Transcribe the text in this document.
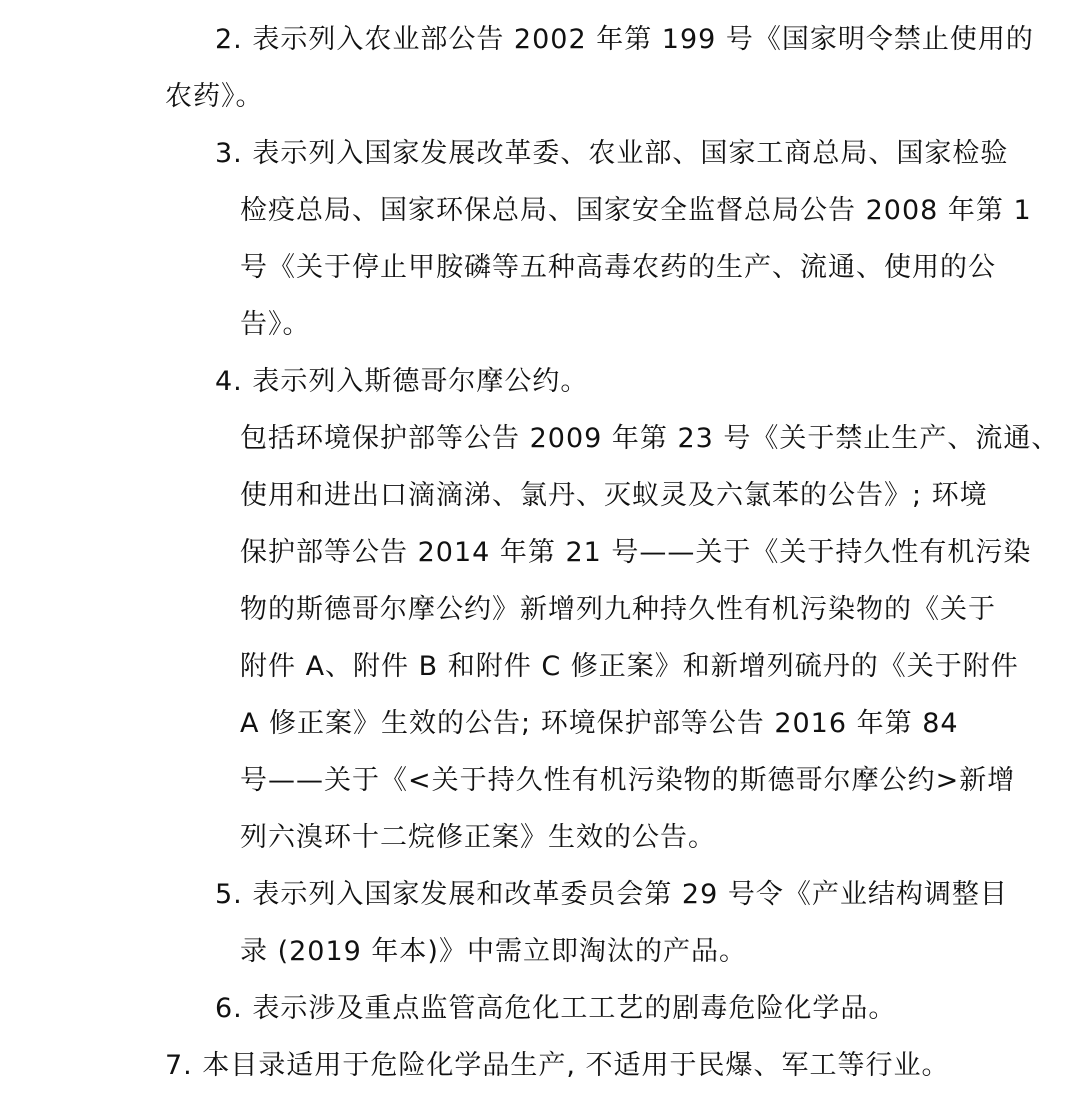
2. 表示列入农业部公告 2002 年第 199 号《国家明令禁止使用的
农药》。
3. 表示列入国家发展改革委、农业部、国家工商总局、国家检验
检疫总局、国家环保总局、国家安全监督总局公告 2008 年第 1
号《关于停止甲胺磷等五种高毒农药的生产、流通、使用的公
告》。
4. 表示列入斯德哥尔摩公约。
包括环境保护部等公告 2009 年第 23 号《关于禁止生产、流通、
使用和进出口滴滴涕、氯丹、灭蚁灵及六氯苯的公告》; 环境
保护部等公告 2014 年第 21 号——关于《关于持久性有机污染
物的斯德哥尔摩公约》新增列九种持久性有机污染物的《关于
附件 A、附件 B 和附件 C 修正案》和新增列硫丹的《关于附件
A 修正案》生效的公告; 环境保护部等公告 2016 年第 84
号——关于《<关于持久性有机污染物的斯德哥尔摩公约>新增
列六溴环十二烷修正案》生效的公告。
5. 表示列入国家发展和改革委员会第 29 号令《产业结构调整目
录 (2019 年本)》中需立即淘汰的产品。
6. 表示涉及重点监管高危化工工艺的剧毒危险化学品。
7. 本目录适用于危险化学品生产, 不适用于民爆、军工等行业。
